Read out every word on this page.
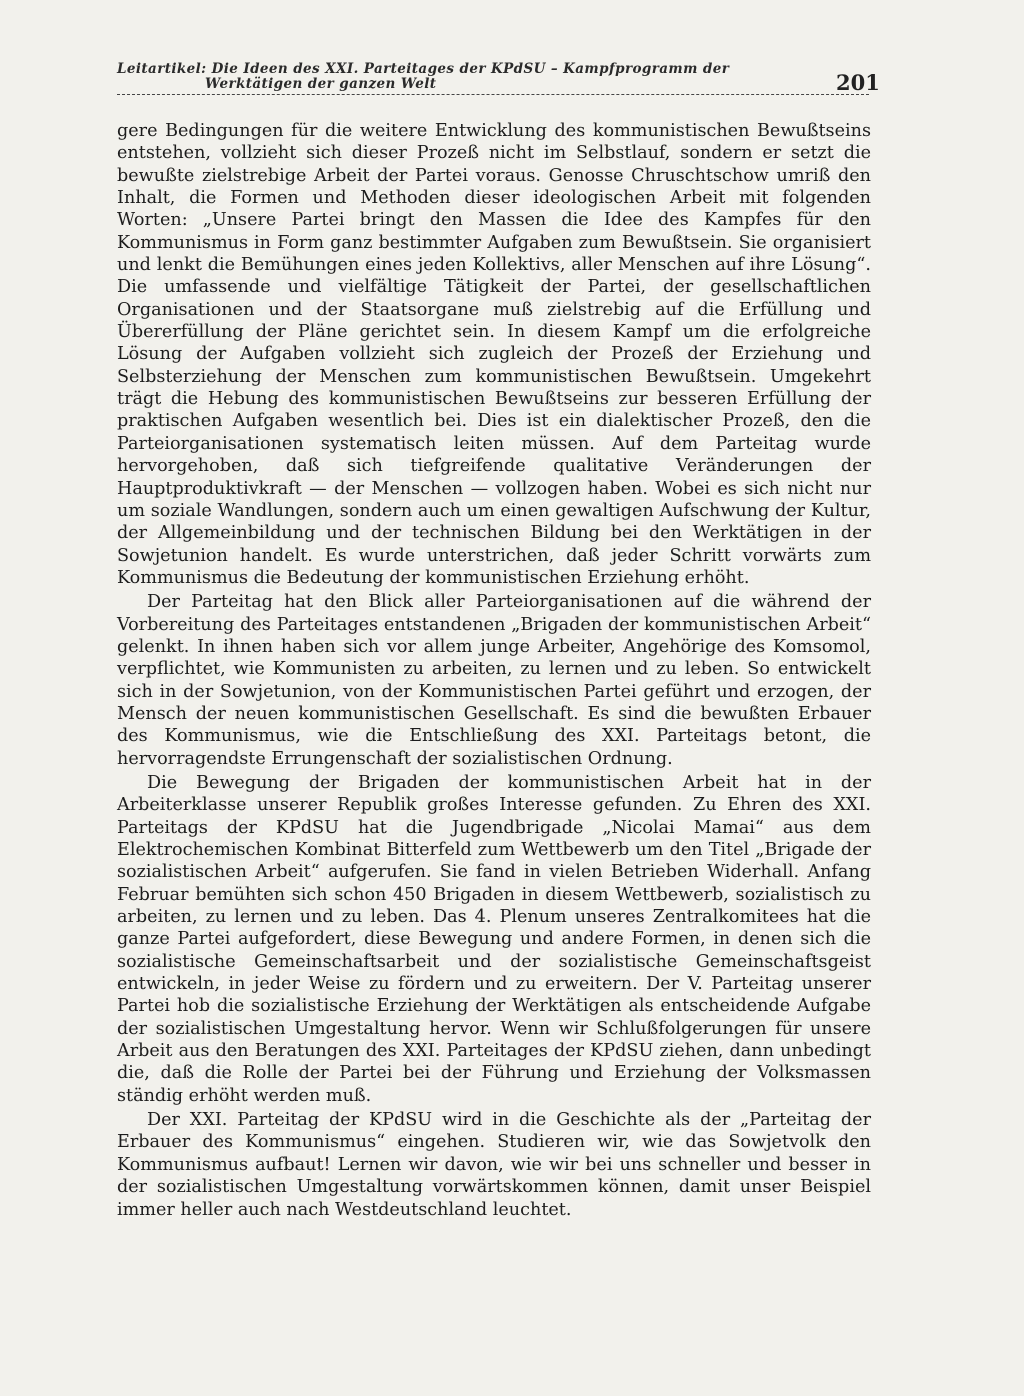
Leitartikel: Die Ideen des XXI. Parteitages der KPdSU – Kampfprogramm der
Werktätigen der ganzen Welt	201

gere Bedingungen für die weitere Entwicklung des kommunistischen Bewußtseins entstehen, vollzieht sich dieser Prozeß nicht im Selbstlauf, sondern er setzt die bewußte zielstrebige Arbeit der Partei voraus. Genosse Chruschtschow umriß den Inhalt, die Formen und Methoden dieser ideologischen Arbeit mit folgenden Worten: „Unsere Partei bringt den Massen die Idee des Kampfes für den Kommunismus in Form ganz bestimmter Aufgaben zum Bewußtsein. Sie organisiert und lenkt die Bemühungen eines jeden Kollektivs, aller Menschen auf ihre Lösung“. Die umfassende und vielfältige Tätigkeit der Partei, der gesellschaftlichen Organisationen und der Staatsorgane muß zielstrebig auf die Erfüllung und Übererfüllung der Pläne gerichtet sein. In diesem Kampf um die erfolgreiche Lösung der Aufgaben vollzieht sich zugleich der Prozeß der Erziehung und Selbsterziehung der Menschen zum kommunistischen Bewußtsein. Umgekehrt trägt die Hebung des kommunistischen Bewußtseins zur besseren Erfüllung der praktischen Aufgaben wesentlich bei. Dies ist ein dialektischer Prozeß, den die Parteiorganisationen systematisch leiten müssen. Auf dem Parteitag wurde hervorgehoben, daß sich tiefgreifende qualitative Veränderungen der Hauptproduktivkraft — der Menschen — vollzogen haben. Wobei es sich nicht nur um soziale Wandlungen, sondern auch um einen gewaltigen Aufschwung der Kultur, der Allgemeinbildung und der technischen Bildung bei den Werktätigen in der Sowjetunion handelt. Es wurde unterstrichen, daß jeder Schritt vorwärts zum Kommunismus die Bedeutung der kommunistischen Erziehung erhöht.

Der Parteitag hat den Blick aller Parteiorganisationen auf die während der Vorbereitung des Parteitages entstandenen „Brigaden der kommunistischen Arbeit“ gelenkt. In ihnen haben sich vor allem junge Arbeiter, Angehörige des Komsomol, verpflichtet, wie Kommunisten zu arbeiten, zu lernen und zu leben. So entwickelt sich in der Sowjetunion, von der Kommunistischen Partei geführt und erzogen, der Mensch der neuen kommunistischen Gesellschaft. Es sind die bewußten Erbauer des Kommunismus, wie die Entschließung des XXI. Parteitags betont, die hervorragendste Errungenschaft der sozialistischen Ordnung.

Die Bewegung der Brigaden der kommunistischen Arbeit hat in der Arbeiterklasse unserer Republik großes Interesse gefunden. Zu Ehren des XXI. Parteitags der KPdSU hat die Jugendbrigade „Nicolai Mamai“ aus dem Elektrochemischen Kombinat Bitterfeld zum Wettbewerb um den Titel „Brigade der sozialistischen Arbeit“ aufgerufen. Sie fand in vielen Betrieben Widerhall. Anfang Februar bemühten sich schon 450 Brigaden in diesem Wettbewerb, sozialistisch zu arbeiten, zu lernen und zu leben. Das 4. Plenum unseres Zentralkomitees hat die ganze Partei aufgefordert, diese Bewegung und andere Formen, in denen sich die sozialistische Gemeinschaftsarbeit und der sozialistische Gemeinschaftsgeist entwickeln, in jeder Weise zu fördern und zu erweitern. Der V. Parteitag unserer Partei hob die sozialistische Erziehung der Werktätigen als entscheidende Aufgabe der sozialistischen Umgestaltung hervor. Wenn wir Schlußfolgerungen für unsere Arbeit aus den Beratungen des XXI. Parteitages der KPdSU ziehen, dann unbedingt die, daß die Rolle der Partei bei der Führung und Erziehung der Volksmassen ständig erhöht werden muß.

Der XXI. Parteitag der KPdSU wird in die Geschichte als der „Parteitag der Erbauer des Kommunismus“ eingehen. Studieren wir, wie das Sowjetvolk den Kommunismus aufbaut! Lernen wir davon, wie wir bei uns schneller und besser in der sozialistischen Umgestaltung vorwärtskommen können, damit unser Beispiel immer heller auch nach Westdeutschland leuchtet.
